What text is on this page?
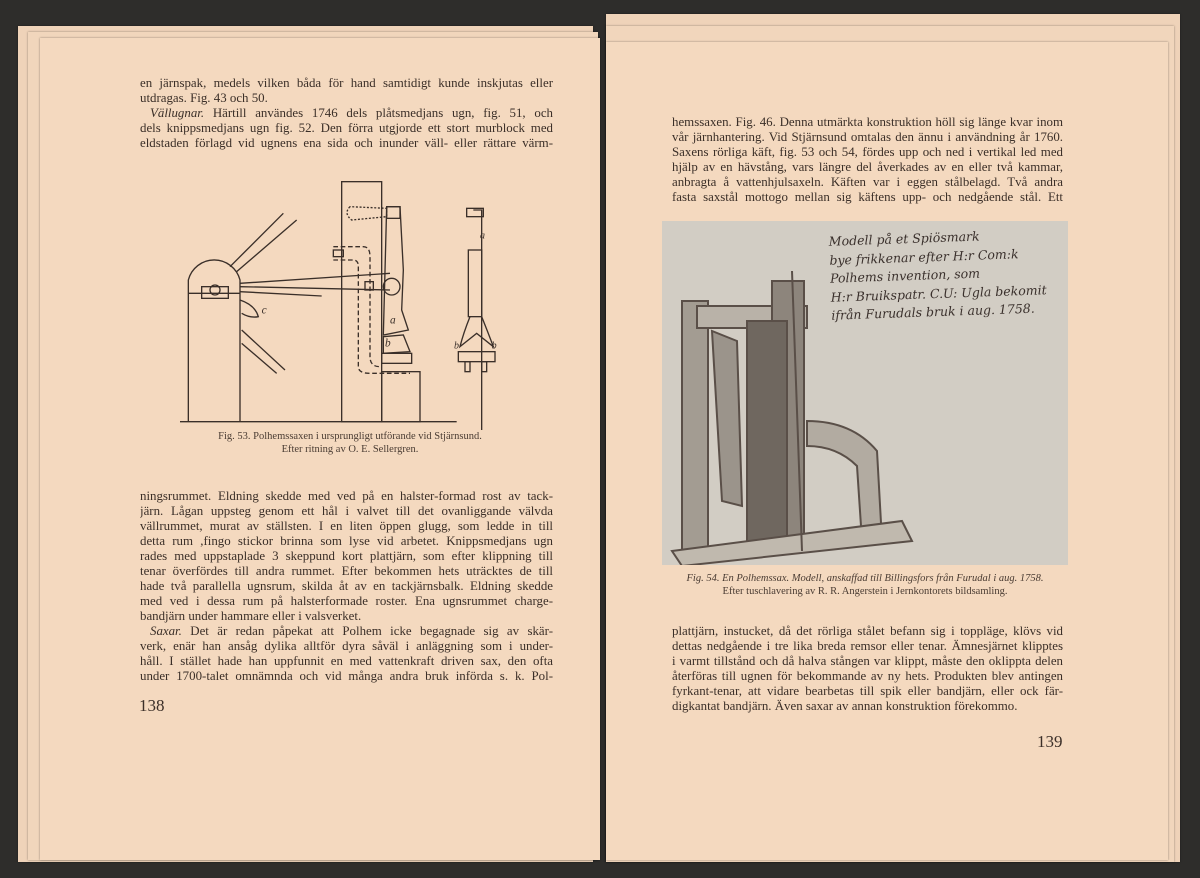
en järnspak, medels vilken båda för hand samtidigt kunde inskjutas eller
utdragas. Fig. 43 och 50.
Vällugnar. Härtill användes 1746 dels plåtsmedjans ugn, fig. 51, och
dels knippsmedjans ugn fig. 52. Den förra utgjorde ett stort murblock med
eldstaden förlagd vid ugnens ena sida och inunder väll- eller rättare värm-
c
a
b
a
b b
Fig. 53. Polhemssaxen i ursprungligt utförande vid Stjärnsund.
Efter ritning av O. E. Sellergren.
ningsrummet. Eldning skedde med ved på en halster-formad rost av tack-
järn. Lågan uppsteg genom ett hål i valvet till det ovanliggande välvda
vällrummet, murat av ställsten. I en liten öppen glugg, som ledde in till
detta rum ,fingo stickor brinna som lyse vid arbetet. Knippsmedjans ugn
rades med uppstaplade 3 skeppund kort plattjärn, som efter klippning till
tenar överfördes till andra rummet. Efter bekommen hets uträcktes de till
hade två parallella ugnsrum, skilda åt av en tackjärnsbalk. Eldning skedde
med ved i dessa rum på halsterformade roster. Ena ugnsrummet charge-
bandjärn under hammare eller i valsverket.
Saxar. Det är redan påpekat att Polhem icke begagnade sig av skär-
verk, enär han ansåg dylika alltför dyra såväl i anläggning som i under-
håll. I stället hade han uppfunnit en med vattenkraft driven sax, den ofta
under 1700-talet omnämnda och vid många andra bruk införda s. k. Pol-
138
hemssaxen. Fig. 46. Denna utmärkta konstruktion höll sig länge kvar inom
vår järnhantering. Vid Stjärnsund omtalas den ännu i användning år 1760.
Saxens rörliga käft, fig. 53 och 54, fördes upp och ned i vertikal led med
hjälp av en hävstång, vars längre del åverkades av en eller två kammar,
anbragta å vattenhjulsaxeln. Käften var i eggen stålbelagd. Två andra
fasta saxstål mottogo mellan sig käftens upp- och nedgående stål. Ett
Modell på et Spiösmark
bye frikkenar efter H:r Com:k
Polhems invention, som
H:r Bruikspatr. C.U: Ugla bekomit
ifrån Furudals bruk i aug. 1758.
Fig. 54. En Polhemssax. Modell, anskaffad till Billingsfors från Furudal i aug. 1758.
Efter tuschlavering av R. R. Angerstein i Jernkontorets bildsamling.
plattjärn, instucket, då det rörliga stålet befann sig i toppläge, klövs vid
dettas nedgående i tre lika breda remsor eller tenar. Ämnesjärnet klipptes
i varmt tillstånd och då halva stången var klippt, måste den oklippta delen
återföras till ugnen för bekommande av ny hets. Produkten blev antingen
fyrkant-tenar, att vidare bearbetas till spik eller bandjärn, eller ock fär-
digkantat bandjärn. Även saxar av annan konstruktion förekommo.
139
